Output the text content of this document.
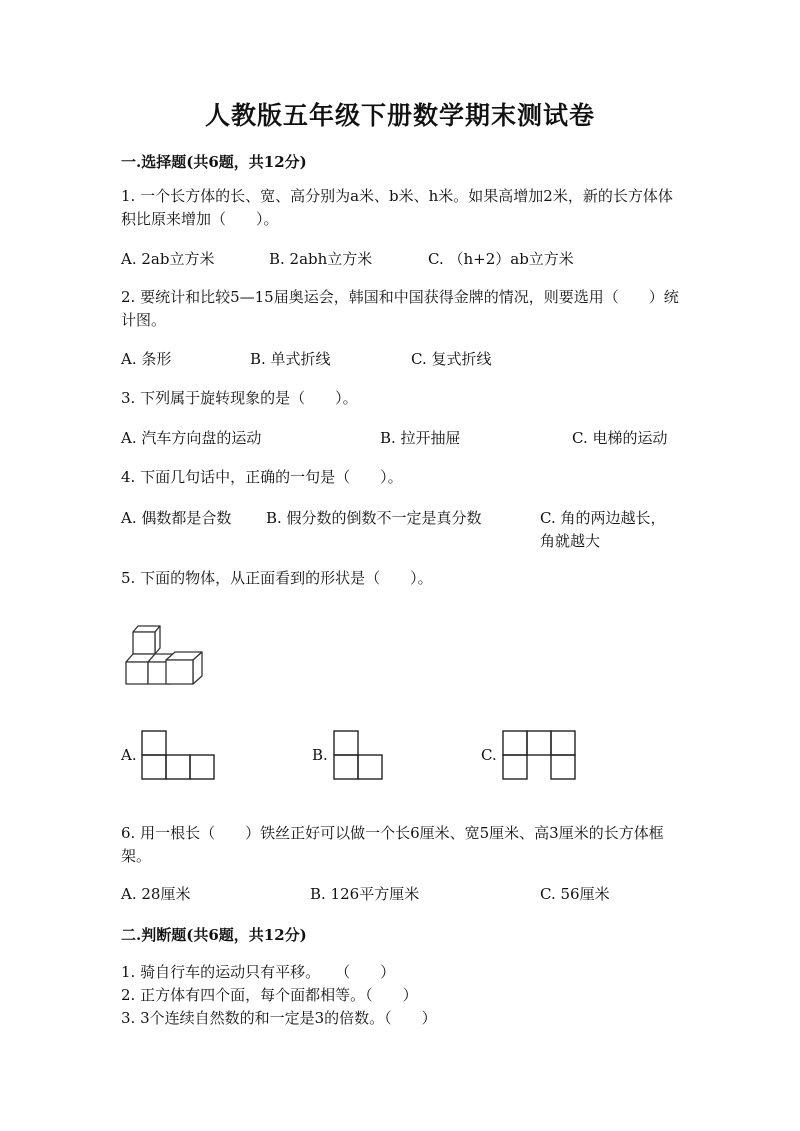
人教版五年级下册数学期末测试卷
一.选择题(共6题，共12分)
1. 一个长方体的长、宽、高分别为a米、b米、h米。如果高增加2米，新的长方体体积比原来增加（　　）。
A. 2ab立方米	B. 2abh立方米	C. （h+2）ab立方米
2. 要统计和比较5—15届奥运会，韩国和中国获得金牌的情况，则要选用（　　）统计图。
A. 条形	B. 单式折线	C. 复式折线
3. 下列属于旋转现象的是（　　）。
A. 汽车方向盘的运动	B. 拉开抽屉	C. 电梯的运动
4. 下面几句话中，正确的一句是（　　）。
A. 偶数都是合数 B. 假分数的倒数不一定是真分数	C. 角的两边越长，角就越大
5. 下面的物体，从正面看到的形状是（　　）。
A.	B.	C.
6. 用一根长（　　）铁丝正好可以做一个长6厘米、宽5厘米、高3厘米的长方体框架。
A. 28厘米	B. 126平方厘米	C. 56厘米
二.判断题(共6题，共12分)
1. 骑自行车的运动只有平移。　　（　　）
2. 正方体有四个面，每个面都相等。（　　）
3. 3个连续自然数的和一定是3的倍数。（　　）
